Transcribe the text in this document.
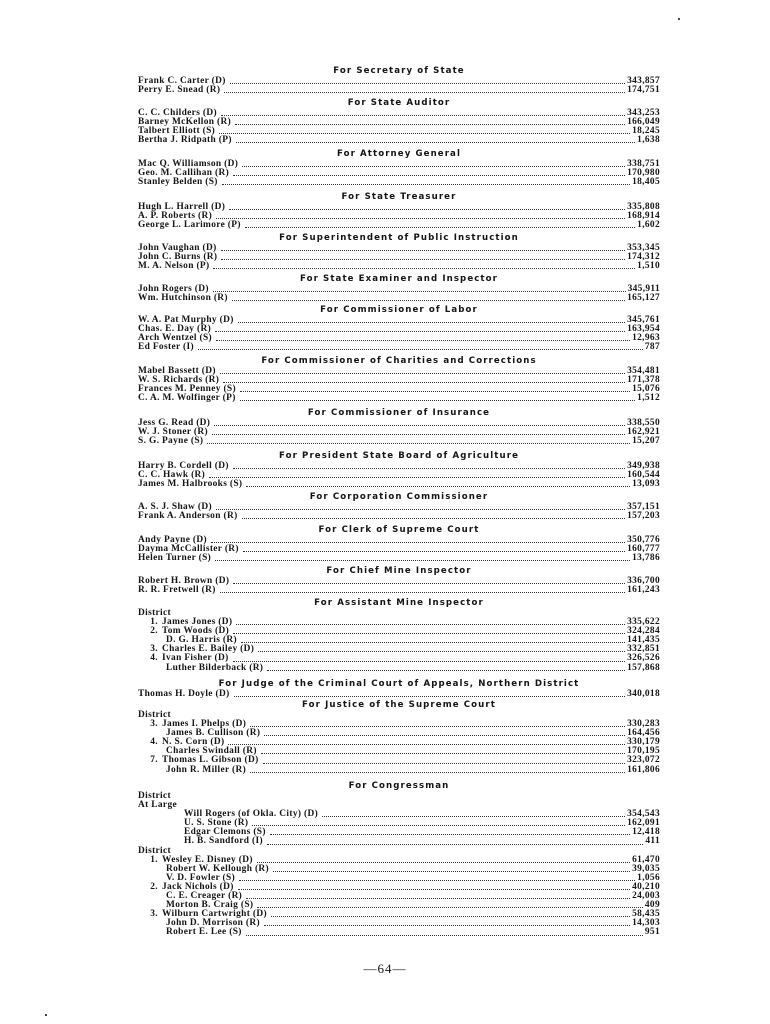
For Secretary of State
Frank C. Carter (D)	343,857
Perry E. Snead (R)	174,751
For State Auditor
C. C. Childers (D)	343,253
Barney McKellon (R)	166,049
Talbert Elliott (S)	18,245
Bertha J. Ridpath (P)	1,638
For Attorney General
Mac Q. Williamson (D)	338,751
Geo. M. Callihan (R)	170,980
Stanley Belden (S)	18,405
For State Treasurer
Hugh L. Harrell (D)	335,808
A. P. Roberts (R)	168,914
George L. Larimore (P)	1,602
For Superintendent of Public Instruction
John Vaughan (D)	353,345
John C. Burns (R)	174,312
M. A. Nelson (P)	1,510
For State Examiner and Inspector
John Rogers (D)	345,911
Wm. Hutchinson (R)	165,127
For Commissioner of Labor
W. A. Pat Murphy (D)	345,761
Chas. E. Day (R)	163,954
Arch Wentzel (S)	12,963
Ed Foster (I)	787
For Commissioner of Charities and Corrections
Mabel Bassett (D)	354,481
W. S. Richards (R)	171,378
Frances M. Penney (S)	15,076
C. A. M. Wolfinger (P)	1,512
For Commissioner of Insurance
Jess G. Read (D)	338,550
W. J. Stoner (R)	162,921
S. G. Payne (S)	15,207
For President State Board of Agriculture
Harry B. Cordell (D)	349,938
C. C. Hawk (R)	160,544
James M. Halbrooks (S)	13,093
For Corporation Commissioner
A. S. J. Shaw (D)	357,151
Frank A. Anderson (R)	157,203
For Clerk of Supreme Court
Andy Payne (D)	350,776
Dayma McCallister (R)	160,777
Helen Turner (S)	13,786
For Chief Mine Inspector
Robert H. Brown (D)	336,700
R. R. Fretwell (R)	161,243
For Assistant Mine Inspector
District
1. James Jones (D)	335,622
2. Tom Woods (D)	324,284
D. G. Harris (R)	141,435
3. Charles E. Bailey (D)	332,851
4. Ivan Fisher (D)	326,526
Luther Bilderback (R)	157,868
For Judge of the Criminal Court of Appeals, Northern District
Thomas H. Doyle (D)	340,018
For Justice of the Supreme Court
District
3. James I. Phelps (D)	330,283
James B. Cullison (R)	164,456
4. N. S. Corn (D)	330,179
Charles Swindall (R)	170,195
7. Thomas L. Gibson (D)	323,072
John R. Miller (R)	161,806
For Congressman
District
At Large
Will Rogers (of Okla. City) (D)	354,543
U. S. Stone (R)	162,091
Edgar Clemons (S)	12,418
H. B. Sandford (I)	411
District
1. Wesley E. Disney (D)	61,470
Robert W. Kellough (R)	39,035
V. D. Fowler (S)	1,056
2. Jack Nichols (D)	40,210
C. E. Creager (R)	24,003
Morton B. Craig (S)	409
3. Wilburn Cartwright (D)	58,435
John D. Morrison (R)	14,303
Robert E. Lee (S)	951
—64—
